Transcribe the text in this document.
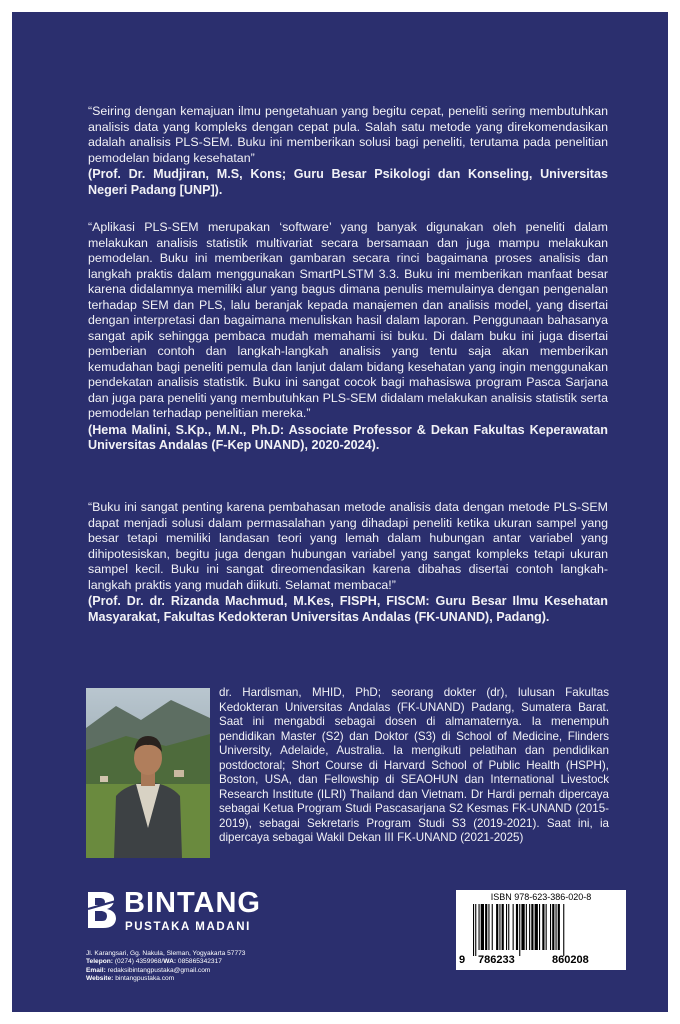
“Seiring dengan kemajuan ilmu pengetahuan yang begitu cepat, peneliti sering membutuhkan analisis data yang kompleks dengan cepat pula. Salah satu metode yang direkomendasikan adalah analisis PLS-SEM. Buku ini memberikan solusi bagi peneliti, terutama pada penelitian pemodelan bidang kesehatan”
(Prof. Dr. Mudjiran, M.S, Kons; Guru Besar Psikologi dan Konseling, Universitas Negeri Padang [UNP]).

“Aplikasi PLS-SEM merupakan ‘software’ yang banyak digunakan oleh peneliti dalam melakukan analisis statistik multivariat secara bersamaan dan juga mampu melakukan pemodelan. Buku ini memberikan gambaran secara rinci bagaimana proses analisis dan langkah praktis dalam menggunakan SmartPLSTM 3.3. Buku ini memberikan manfaat besar karena didalamnya memiliki alur yang bagus dimana penulis memulainya dengan pengenalan terhadap SEM dan PLS, lalu beranjak kepada manajemen dan analisis model, yang disertai dengan interpretasi dan bagaimana menuliskan hasil dalam laporan. Penggunaan bahasanya sangat apik sehingga pembaca mudah memahami isi buku. Di dalam buku ini juga disertai pemberian contoh dan langkah-langkah analisis yang tentu saja akan memberikan kemudahan bagi peneliti pemula dan lanjut dalam bidang kesehatan yang ingin menggunakan pendekatan analisis statistik. Buku ini sangat cocok bagi mahasiswa program Pasca Sarjana dan juga para peneliti yang membutuhkan PLS-SEM didalam melakukan analisis statistik serta pemodelan terhadap penelitian mereka.”
(Hema Malini, S.Kp., M.N., Ph.D: Associate Professor & Dekan Fakultas Keperawatan Universitas Andalas (F-Kep UNAND), 2020-2024).

“Buku ini sangat penting karena pembahasan metode analisis data dengan metode PLS-SEM dapat menjadi solusi dalam permasalahan yang dihadapi peneliti ketika ukuran sampel yang besar tetapi memiliki landasan teori yang lemah dalam hubungan antar variabel yang dihipotesiskan, begitu juga dengan hubungan variabel yang sangat kompleks tetapi ukuran sampel kecil. Buku ini sangat direomendasikan karena dibahas disertai contoh langkah-langkah praktis yang mudah diikuti. Selamat membaca!”
(Prof. Dr. dr. Rizanda Machmud, M.Kes, FISPH, FISCM: Guru Besar Ilmu Kesehatan Masyarakat, Fakultas Kedokteran Universitas Andalas (FK-UNAND), Padang).

dr. Hardisman, MHID, PhD; seorang dokter (dr), lulusan Fakultas Kedokteran Universitas Andalas (FK-UNAND) Padang, Sumatera Barat. Saat ini mengabdi sebagai dosen di almamaternya. Ia menempuh pendidikan Master (S2) dan Doktor (S3) di School of Medicine, Flinders University, Adelaide, Australia. Ia mengikuti pelatihan dan pendidikan postdoctoral; Short Course di Harvard School of Public Health (HSPH), Boston, USA, dan Fellowship di SEAOHUN dan International Livestock Research Institute (ILRI) Thailand dan Vietnam. Dr Hardi pernah dipercaya sebagai Ketua Program Studi Pascasarjana S2 Kesmas FK-UNAND (2015-2019), sebagai Sekretaris Program Studi S3 (2019-2021). Saat ini, ia dipercaya sebagai Wakil Dekan III FK-UNAND (2021-2025)

BINTANG
PUSTAKA MADANI
Jl. Karangsari, Gg. Nakula, Sleman, Yogyakarta 57773
Telepon: (0274) 4359968/WA: 085865342317
Email: redaksibintangpustaka@gmail.com
Website: bintangpustaka.com
ISBN 978-623-386-020-8
9 786233	860208
